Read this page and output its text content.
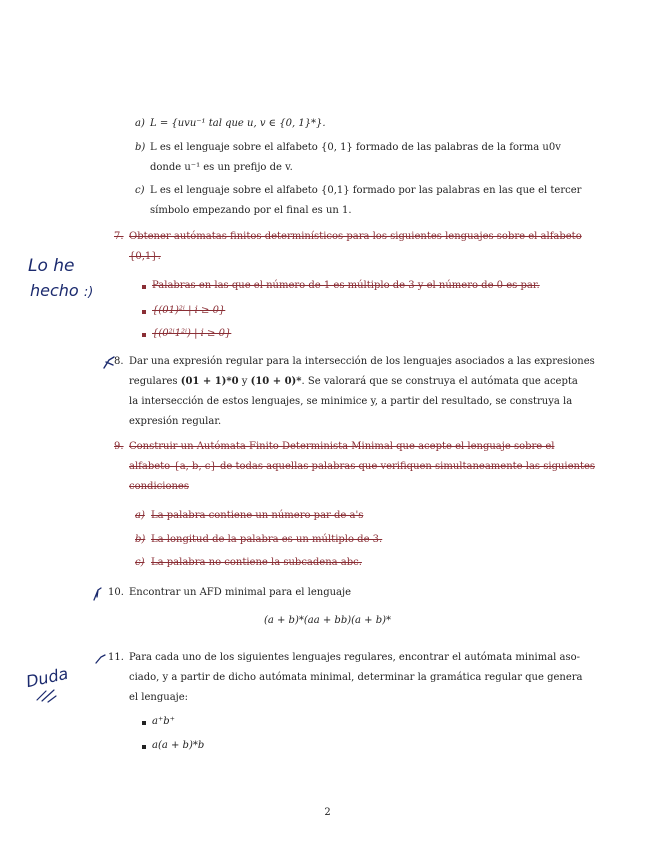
a) L = {uvu⁻¹ tal que u, v ∈ {0, 1}*}.
b) L es el lenguaje sobre el alfabeto {0, 1} formado de las palabras de la forma u0v
donde u⁻¹ es un prefijo de v.
c) L es el lenguaje sobre el alfabeto {0,1} formado por las palabras en las que el tercer
símbolo empezando por el final es un 1.
7. Obtener autómatas finitos determinísticos para los siguientes lenguajes sobre el alfabeto
{0,1}.
Palabras en las que el número de 1 es múltiplo de 3 y el número de 0 es par.
{(01)²ⁱ | i ≥ 0}
{(0²ⁱ1²ⁱ) | i ≥ 0}
8. Dar una expresión regular para la intersección de los lenguajes asociados a las expresiones
regulares (01 + 1)*0 y (10 + 0)*. Se valorará que se construya el autómata que acepta
la intersección de estos lenguajes, se minimice y, a partir del resultado, se construya la
expresión regular.
9. Construir un Autómata Finito Determinista Minimal que acepte el lenguaje sobre el
alfabeto {a, b, c} de todas aquellas palabras que verifiquen simultaneamente las siguientes
condiciones
a) La palabra contiene un número par de a's
b) La longitud de la palabra es un múltiplo de 3.
c) La palabra no contiene la subcadena abc.
10. Encontrar un AFD minimal para el lenguaje
(a + b)*(aa + bb)(a + b)*
11. Para cada uno de los siguientes lenguajes regulares, encontrar el autómata minimal aso-
ciado, y a partir de dicho autómata minimal, determinar la gramática regular que genera
el lenguaje:
a⁺b⁺
a(a + b)*b
2
Lo he
hecho :)
Duda
